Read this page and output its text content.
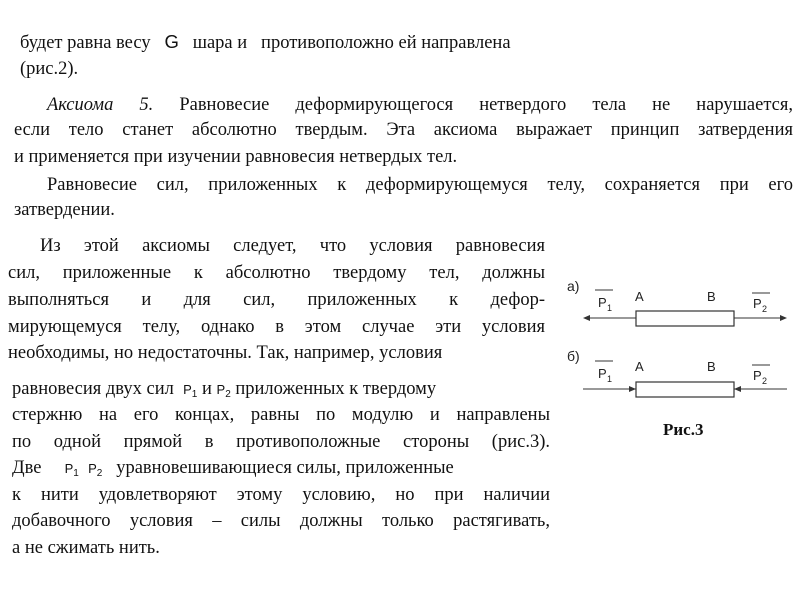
будет равна весу G шара и противоположно ей направлена
(рис.2).
Аксиома 5. Равновесие деформирующегося нетвердого тела не нарушается,
если тело станет абсолютно твердым. Эта аксиома выражает принцип затвердения
и применяется при изучении равновесия нетвердых тел.
Равновесие сил, приложенных к деформирующемуся телу, сохраняется при его
затвердении.
Из этой аксиомы следует, что условия равновесия
сил, приложенные к абсолютно твердому тел, должны
выполняться и для сил, приложенных к дефор-
мирующемуся телу, однако в этом случае эти условия
необходимы, но недостаточны. Так, например, условия
равновесия двух сил $P_1$ и $P_2$ приложенных к твердому
стержню на его концах, равны по модулю и направлены
по одной прямой в противоположные стороны (рис.3).
Две $P_1$ $P_2$ уравновешивающиеся силы, приложенные
к нити удовлетворяют этому условию, но при наличии
добавочного условия – силы должны только растягивать,
а не сжимать нить.
а)
A	B
P 1	P 2
б)
A	B
P 1	P 2
Рис.3
